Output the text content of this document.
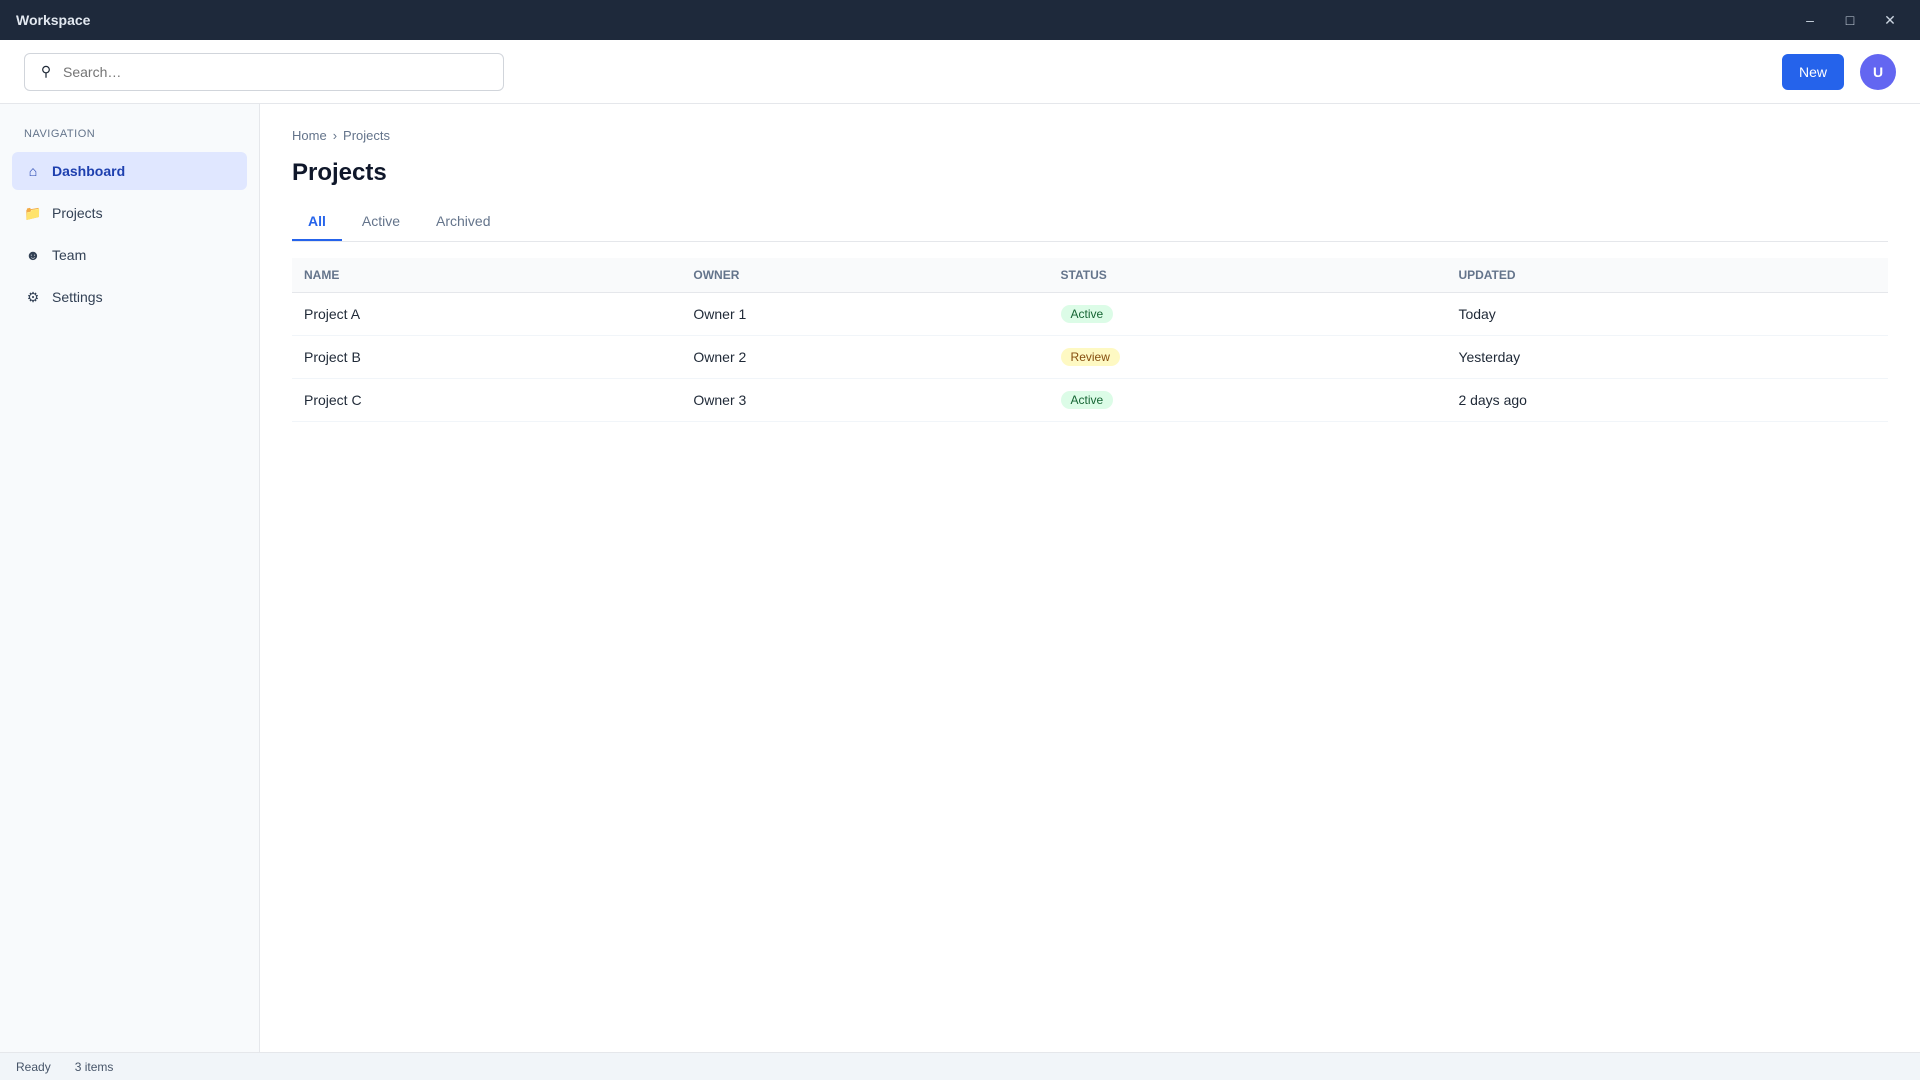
Workspace	–	□	✕
⚲
Search…	New	U
NAVIGATION
⌂	Dashboard
📁 Projects
☻ Team
⚙ Settings
Home › Projects
Projects
All	Active	Archived
NAME	OWNER	STATUS	UPDATED
Project A	Owner 1	Active	Today
Project B	Owner 2	Review	Yesterday
Project C	Owner 3	Active	2 days ago
Ready 3 items
